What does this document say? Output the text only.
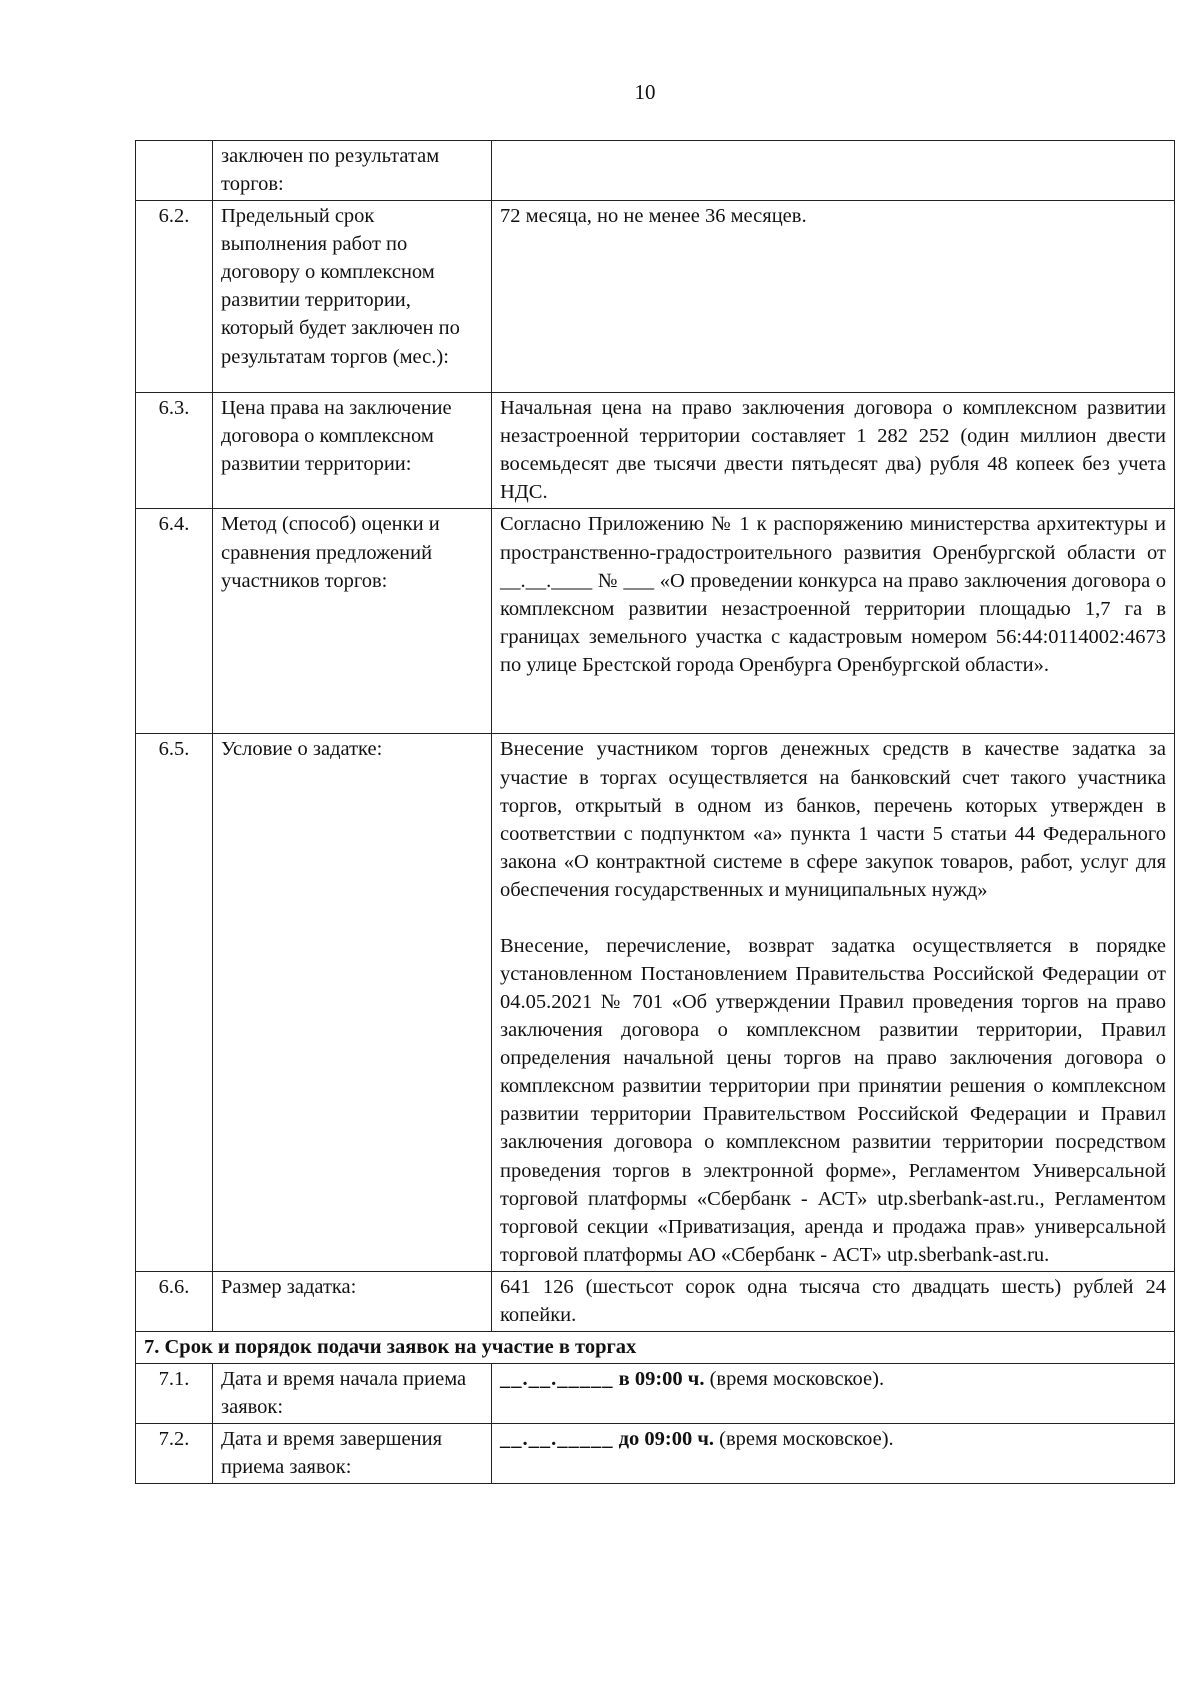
10
	заключен по результатам торгов:	
6.2.	Предельный срок выполнения работ по договору о комплексном развитии территории, который будет заключен по результатам торгов (мес.):	72 месяца, но не менее 36 месяцев.
6.3.	Цена права на заключение договора о комплексном развитии территории:	Начальная цена на право заключения договора о комплексном развитии незастроенной территории составляет 1 282 252 (один миллион двести восемьдесят две тысячи двести пятьдесят два) рубля 48 копеек без учета НДС.
6.4.	Метод (способ) оценки и сравнения предложений участников торгов:	Согласно Приложению № 1 к распоряжению министерства архитектуры и пространственно-градостроительного развития Оренбургской области от __.__.____ № ___ «О проведении конкурса на право заключения договора о комплексном развитии незастроенной территории площадью 1,7 га в границах земельного участка с кадастровым номером 56:44:0114002:4673 по улице Брестской города Оренбурга Оренбургской области».
6.5.	Условие о задатке:	Внесение участником торгов денежных средств в качестве задатка за участие в торгах осуществляется на банковский счет такого участника торгов, открытый в одном из банков, перечень которых утвержден в соответствии с подпунктом «а» пункта 1 части 5 статьи 44 Федерального закона «О контрактной системе в сфере закупок товаров, работ, услуг для обеспечения государственных и муниципальных нужд»
Внесение, перечисление, возврат задатка осуществляется в порядке установленном Постановлением Правительства Российской Федерации от 04.05.2021 № 701 «Об утверждении Правил проведения торгов на право заключения договора о комплексном развитии территории, Правил определения начальной цены торгов на право заключения договора о комплексном развитии территории при принятии решения о комплексном развитии территории Правительством Российской Федерации и Правил заключения договора о комплексном развитии территории посредством проведения торгов в электронной форме», Регламентом Универсальной торговой платформы «Сбербанк - АСТ» utp.sberbank-ast.ru., Регламентом торговой секции «Приватизация, аренда и продажа прав» универсальной торговой платформы АО «Сбербанк - АСТ» utp.sberbank-ast.ru.

6.6.	Размер задатка:	641 126 (шестьсот сорок одна тысяча сто двадцать шесть) рублей 24 копейки.
7. Срок и порядок подачи заявок на участие в торгах		
7.1.	Дата и время начала приема заявок:	__.__._____ в 09:00 ч. (время московское).
7.2.	Дата и время завершения приема заявок:	__.__._____ до 09:00 ч. (время московское).
